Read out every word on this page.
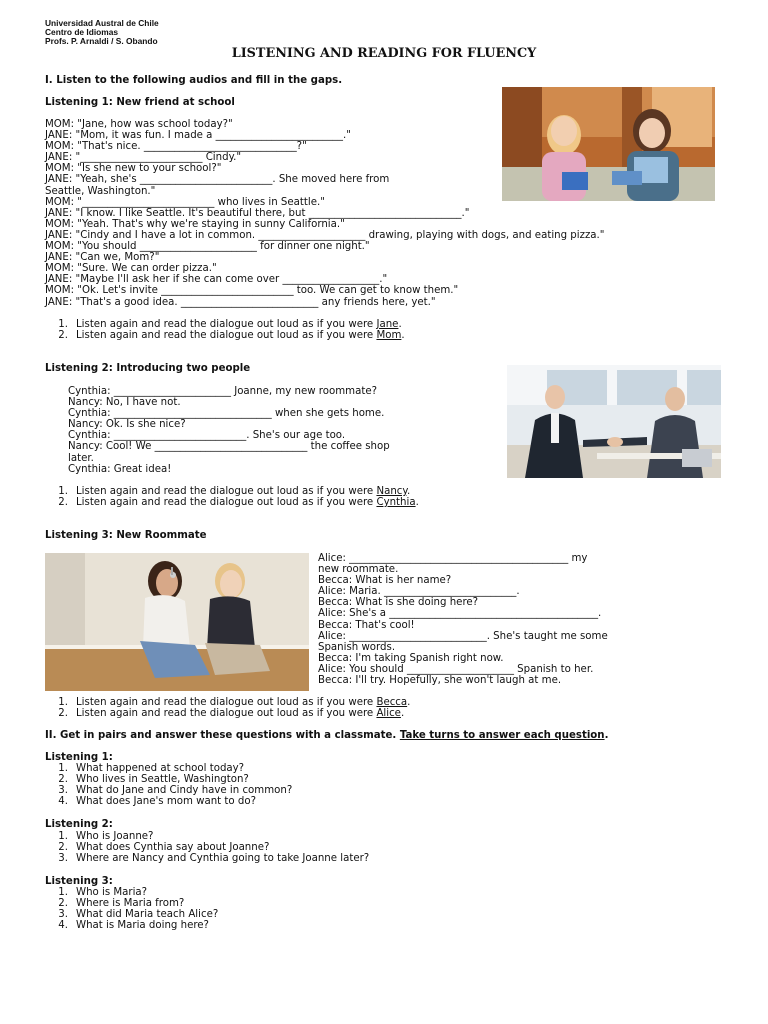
Universidad Austral de Chile
Centro de Idiomas
Profs. P. Arnaldi / S. Obando
LISTENING AND READING FOR FLUENCY
I. Listen to the following audios and fill in the gaps.
Listening 1: New friend at school
MOM: "Jane, how was school today?"
JANE: "Mom, it was fun. I made a _________________________."
MOM: "That's nice. ______________________________?"
JANE: "________________________ Cindy."
MOM: "Is she new to your school?"
JANE: "Yeah, she's __________________________. She moved here from
Seattle, Washington."
MOM: "__________________________ who lives in Seattle."
JANE: "I know. I like Seattle. It's beautiful there, but ______________________________."
MOM: "Yeah. That's why we're staying in sunny California."
JANE: "Cindy and I have a lot in common. _____________________ drawing, playing with dogs, and eating pizza."
MOM: "You should _______________________ for dinner one night."
JANE: "Can we, Mom?"
MOM: "Sure. We can order pizza."
JANE: "Maybe I'll ask her if she can come over ___________________."
MOM: "Ok. Let's invite __________________________ too. We can get to know them."
JANE: "That's a good idea. ___________________________ any friends here, yet."
1. Listen again and read the dialogue out loud as if you were Jane.
2. Listen again and read the dialogue out loud as if you were Mom.
Listening 2: Introducing two people
Cynthia: _______________________ Joanne, my new roommate?
Nancy: No, I have not.
Cynthia: _______________________________ when she gets home.
Nancy: Ok. Is she nice?
Cynthia: __________________________. She's our age too.
Nancy: Cool! We ______________________________ the coffee shop
later.
Cynthia: Great idea!
1. Listen again and read the dialogue out loud as if you were Nancy.
2. Listen again and read the dialogue out loud as if you were Cynthia.
Listening 3: New Roommate
Alice: ___________________________________________ my
new roommate.
Becca: What is her name?
Alice: Maria. __________________________.
Becca: What is she doing here?
Alice: She's a _________________________________________.
Becca: That's cool!
Alice: ___________________________. She's taught me some
Spanish words.
Becca: I'm taking Spanish right now.
Alice: You should _____________________ Spanish to her.
Becca: I'll try. Hopefully, she won't laugh at me.
1. Listen again and read the dialogue out loud as if you were Becca.
2. Listen again and read the dialogue out loud as if you were Alice.
II. Get in pairs and answer these questions with a classmate. Take turns to answer each question.
Listening 1:
1. What happened at school today?
2. Who lives in Seattle, Washington?
3. What do Jane and Cindy have in common?
4. What does Jane's mom want to do?
Listening 2:
1. Who is Joanne?
2. What does Cynthia say about Joanne?
3. Where are Nancy and Cynthia going to take Joanne later?
Listening 3:
1. Who is Maria?
2. Where is Maria from?
3. What did Maria teach Alice?
4. What is Maria doing here?
